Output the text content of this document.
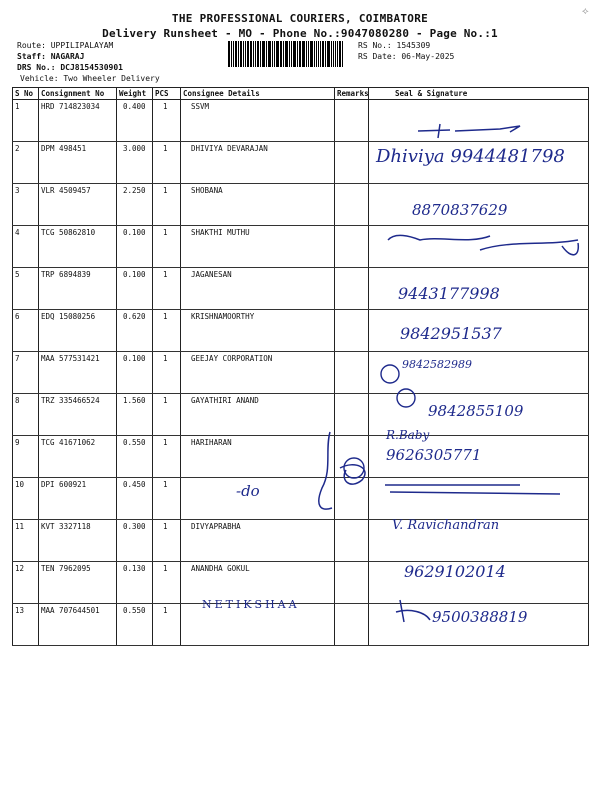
THE PROFESSIONAL COURIERS, COIMBATORE
Delivery Runsheet - MO - Phone No.:9047080280 - Page No.:1
Route: UPPILIPALAYAM
Staff: NAGARAJ
DRS No.: DCJ8154530901
Vehicle: Two Wheeler Delivery
RS No.: 1545309
RS Date: 06-May-2025
S No	Consignment No	Weight	PCS	Consignee Details	Remarks	Seal & Signature
1	HRD 714823034	0.400	1	SSVM		
2	DPM 498451	3.000	1	DHIVIYA DEVARAJAN		
3	VLR 4509457	2.250	1	SHOBANA		
4	TCG 50862810	0.100	1	SHAKTHI MUTHU		
5	TRP 6894839	0.100	1	JAGANESAN		
6	EDQ 15080256	0.620	1	KRISHNAMOORTHY		
7	MAA 577531421	0.100	1	GEEJAY CORPORATION		
8	TRZ 335466524	1.560	1	GAYATHIRI ANAND		
9	TCG 41671062	0.550	1	HARIHARAN		
10	DPI 600921	0.450	1			
11	KVT 3327118	0.300	1	DIVYAPRABHA		
12	TEN 7962095	0.130	1	ANANDHA GOKUL		
13	MAA 707644501	0.550	1			
Dhiviya 9944481798
8870837629
9443177998
9842951537
9842582989
9842855109
R.Baby
9626305771
-do
V. Ravichandran
9629102014
NETIKSHAA
9500388819
⟡
